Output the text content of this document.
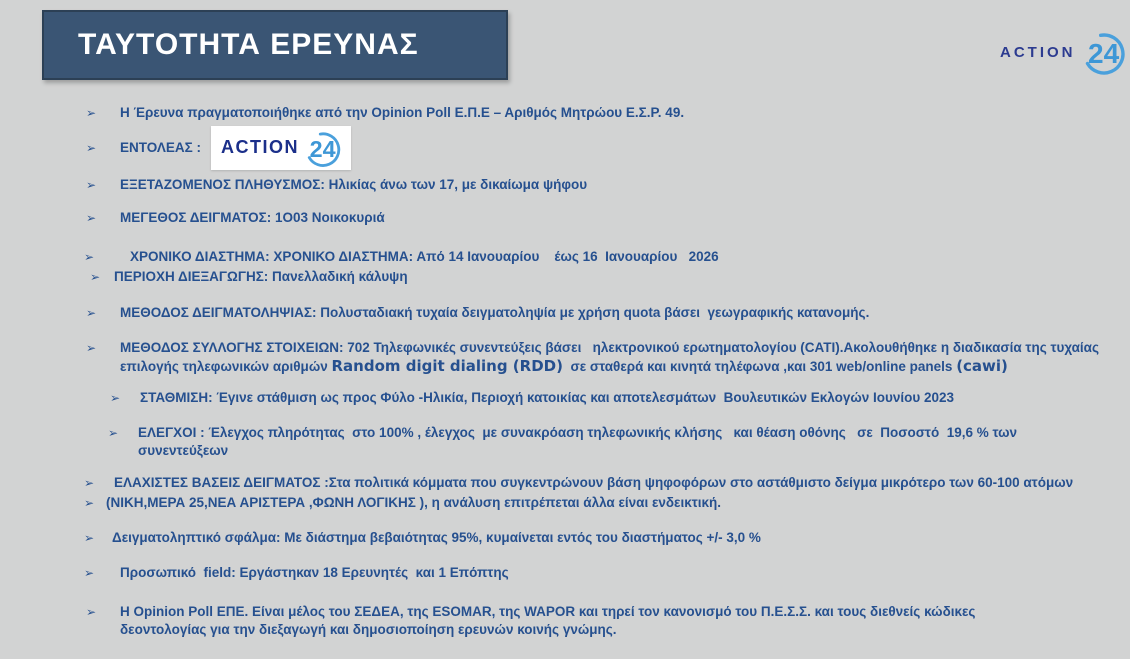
ΤΑΥΤΟΤΗΤΑ ΕΡΕΥΝΑΣ	ACTION 24
➢	Η Έρευνα πραγματοποιήθηκε από την Opinion Poll Ε.Π.Ε – Αριθμός Μητρώου Ε.Σ.Ρ. 49.
➢	ΕΝΤΟΛΕΑΣ : ACTION 24
➢	ΕΞΕΤΑΖΟΜΕΝΟΣ ΠΛΗΘΥΣΜΟΣ: Ηλικίας άνω των 17, με δικαίωμα ψήφου
➢	ΜΕΓΕΘΟΣ ΔΕΙΓΜΑΤΟΣ: 1Ο03 Νοικοκυριά
➢	ΧΡΟΝΙΚΟ ΔΙΑΣΤΗΜΑ: ΧΡΟΝΙΚΟ ΔΙΑΣΤΗΜΑ: Από 14 Ιανουαρίου    έως 16  Ιανουαρίου   2026
➢	ΠΕΡΙΟΧΗ ΔΙΕΞΑΓΩΓΗΣ: Πανελλαδική κάλυψη
➢	ΜΕΘΟΔΟΣ ΔΕΙΓΜΑΤΟΛΗΨΙΑΣ: Πολυσταδιακή τυχαία δειγματοληψία με χρήση quota βάσει  γεωγραφικής κατανομής.
➢	ΜΕΘΟΔΟΣ ΣΥΛΛΟΓΗΣ ΣΤΟΙΧΕΙΩΝ: 702 Τηλεφωνικές συνεντεύξεις βάσει   ηλεκτρονικού ερωτηματολογίου (CATI).Ακολουθήθηκε η διαδικασία της τυχαίας επιλογής τηλεφωνικών αριθμών Random digit dialing (RDD)  σε σταθερά και κινητά τηλέφωνα ,και 301 web/online panels (cawi)
➢	ΣΤΑΘΜΙΣΗ: Έγινε στάθμιση ως προς Φύλο -Ηλικία, Περιοχή κατοικίας και αποτελεσμάτων  Βουλευτικών Εκλογών Ιουνίου 2023
➢	ΕΛΕΓΧΟΙ : Έλεγχος πληρότητας  στο 100% , έλεγχος  με συνακρόαση τηλεφωνικής κλήσης   και θέαση οθόνης   σε  Ποσοστό  19,6 % των συνεντεύξεων
➢	ΕΛΑΧΙΣΤΕΣ ΒΑΣΕΙΣ ΔΕΙΓΜΑΤΟΣ :Στα πολιτικά κόμματα που συγκεντρώνουν βάση ψηφοφόρων στο αστάθμιστο δείγμα μικρότερο των 60-100 ατόμων
➢ (ΝΙΚΗ,ΜΕΡΑ 25,ΝΕΑ ΑΡΙΣΤΕΡΑ ,ΦΩΝΗ ΛΟΓΙΚΗΣ ), η ανάλυση επιτρέπεται άλλα είναι ενδεικτική.
➢	Δειγματοληπτικό σφάλμα: Με διάστημα βεβαιότητας 95%, κυμαίνεται εντός του διαστήματος +/- 3,0 %
➢	Προσωπικό  field: Εργάστηκαν 18 Ερευνητές  και 1 Επόπτης
➢	Η Opinion Poll ΕΠΕ. Είναι μέλος του ΣΕΔΕΑ, της ESOMAR, της WAPOR και τηρεί τον κανονισμό του Π.Ε.Σ.Σ. και τους διεθνείς κώδικες δεοντολογίας για την διεξαγωγή και δημοσιοποίηση ερευνών κοινής γνώμης.
